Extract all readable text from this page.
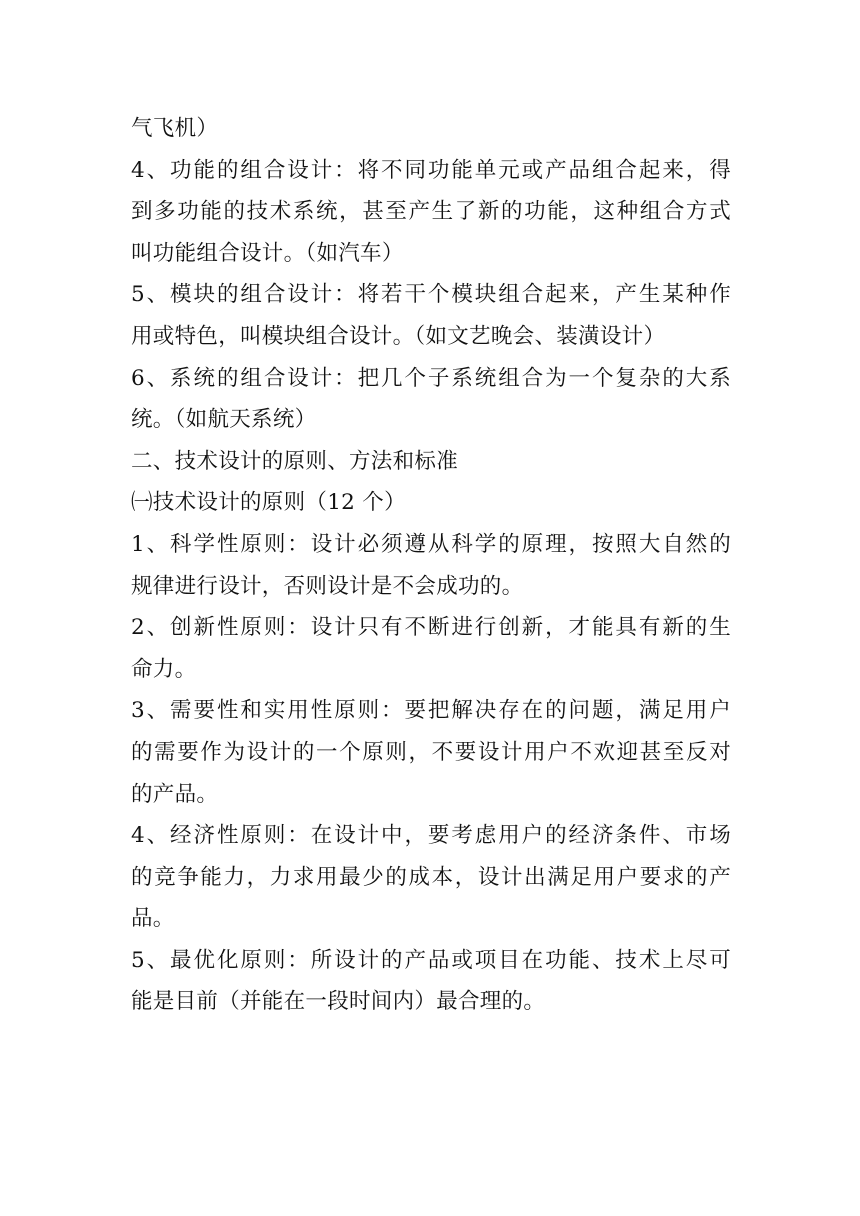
气飞机）
4、功能的组合设计：将不同功能单元或产品组合起来，得
到多功能的技术系统，甚至产生了新的功能，这种组合方式
叫功能组合设计。（如汽车）
5、模块的组合设计：将若干个模块组合起来，产生某种作
用或特色，叫模块组合设计。（如文艺晚会、装潢设计）
6、系统的组合设计：把几个子系统组合为一个复杂的大系
统。（如航天系统）
二、技术设计的原则、方法和标准
㈠技术设计的原则（12 个）
1、科学性原则：设计必须遵从科学的原理，按照大自然的
规律进行设计，否则设计是不会成功的。
2、创新性原则：设计只有不断进行创新，才能具有新的生
命力。
3、需要性和实用性原则：要把解决存在的问题，满足用户
的需要作为设计的一个原则，不要设计用户不欢迎甚至反对
的产品。
4、经济性原则：在设计中，要考虑用户的经济条件、市场
的竞争能力，力求用最少的成本，设计出满足用户要求的产
品。
5、最优化原则：所设计的产品或项目在功能、技术上尽可
能是目前（并能在一段时间内）最合理的。
